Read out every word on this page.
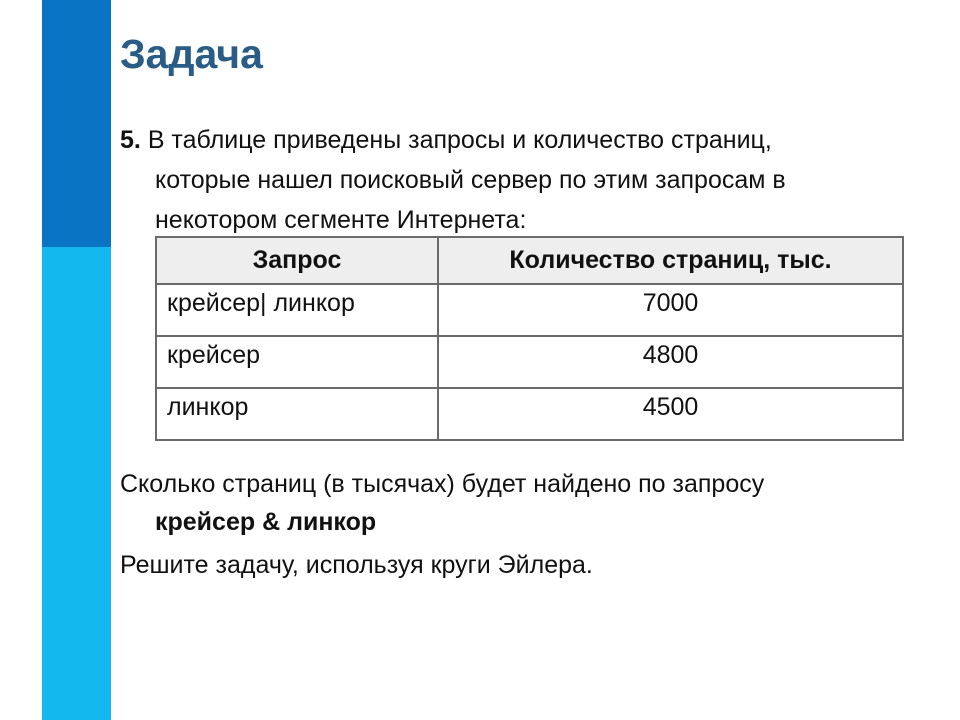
Задача
5. В таблице приведены запросы и количество страниц,
которые нашел поисковый сервер по этим запросам в
некотором сегменте Интернета:
Запрос	Количество страниц, тыс.
крейсер| линкор	7000
крейсер	4800
линкор	4500
Сколько страниц (в тысячах) будет найдено по запросу
крейсер & линкор
Решите задачу, используя круги Эйлера.
